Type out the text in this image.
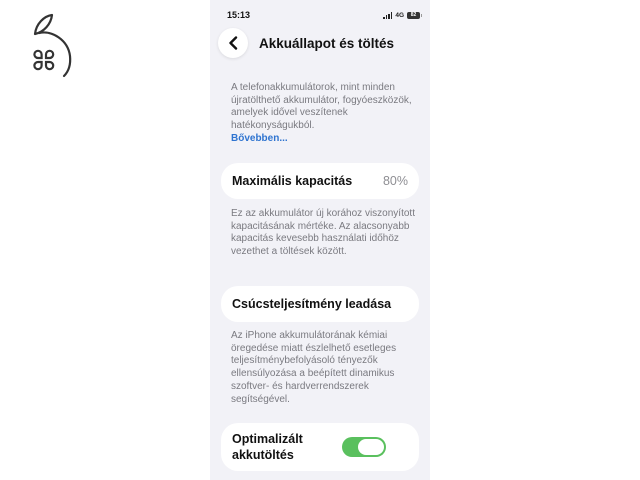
15:13	4G	82
Akkuállapot és töltés
A telefonakkumulátorok, mint minden újratölthető akkumulátor, fogyóeszközök, amelyek idővel veszítenek hatékonyságukból.
Bővebben...
Maximális kapacitás	80%
Ez az akkumulátor új korához viszonyított kapacitásának mértéke. Az alacsonyabb kapacitás kevesebb használati időhöz vezethet a töltések között.
Csúcsteljesítmény leadása
Az iPhone akkumulátorának kémiai öregedése miatt észlelhető esetleges teljesítménybefolyásoló tényezők ellensúlyozása a beépített dinamikus szoftver- és hardverrendszerek segítségével.
Optimalizált akkutöltés
